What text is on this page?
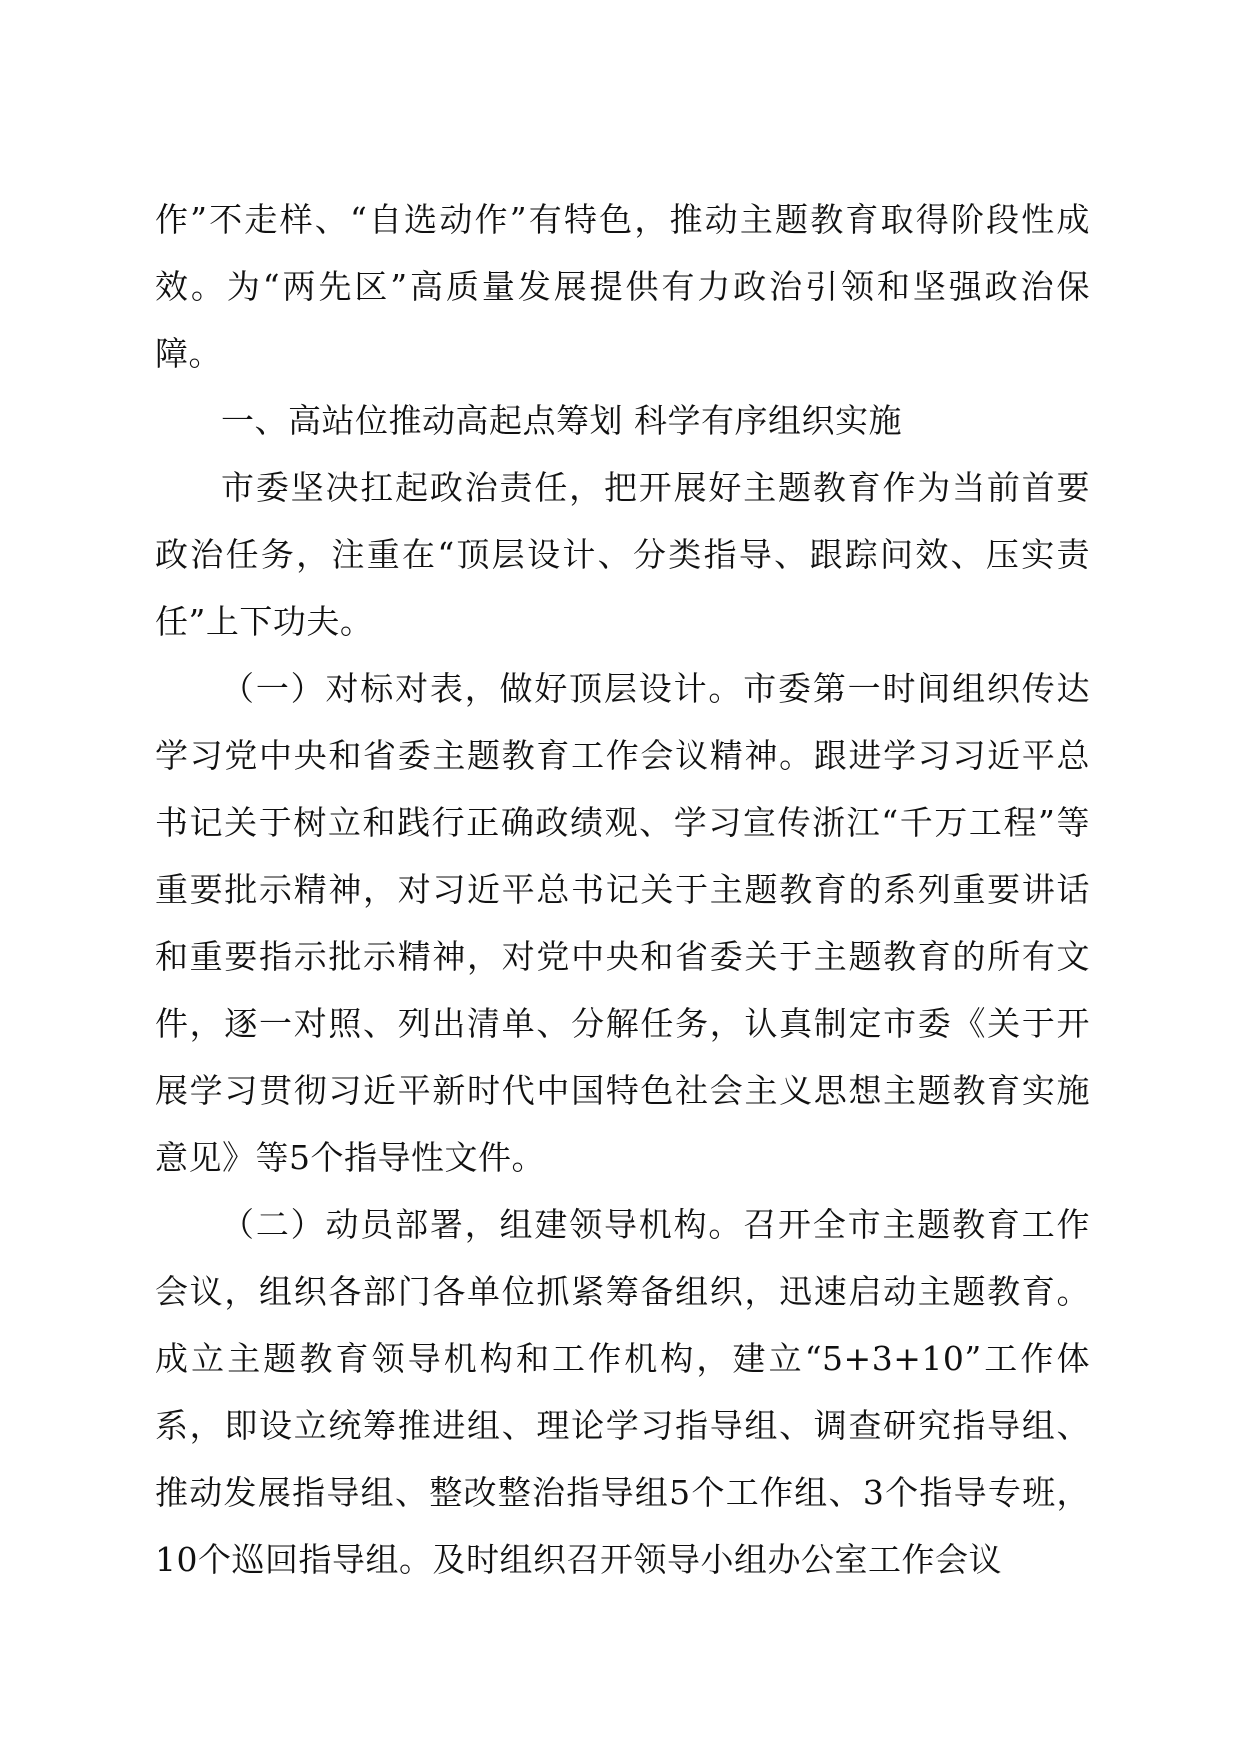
作”不走样、“自选动作”有特色，推动主题教育取得阶段性成效。为“两先区”高质量发展提供有力政治引领和坚强政治保障。

一、高站位推动高起点筹划 科学有序组织实施

市委坚决扛起政治责任，把开展好主题教育作为当前首要政治任务，注重在“顶层设计、分类指导、跟踪问效、压实责任”上下功夫。

（一）对标对表，做好顶层设计。市委第一时间组织传达学习党中央和省委主题教育工作会议精神。跟进学习习近平总书记关于树立和践行正确政绩观、学习宣传浙江“千万工程”等重要批示精神，对习近平总书记关于主题教育的系列重要讲话和重要指示批示精神，对党中央和省委关于主题教育的所有文件，逐一对照、列出清单、分解任务，认真制定市委《关于开展学习贯彻习近平新时代中国特色社会主义思想主题教育实施意见》等5个指导性文件。

（二）动员部署，组建领导机构。召开全市主题教育工作会议，组织各部门各单位抓紧筹备组织，迅速启动主题教育。成立主题教育领导机构和工作机构，建立“5+3+10”工作体系，即设立统筹推进组、理论学习指导组、调查研究指导组、推动发展指导组、整改整治指导组5个工作组、3个指导专班，10个巡回指导组。及时组织召开领导小组办公室工作会议
